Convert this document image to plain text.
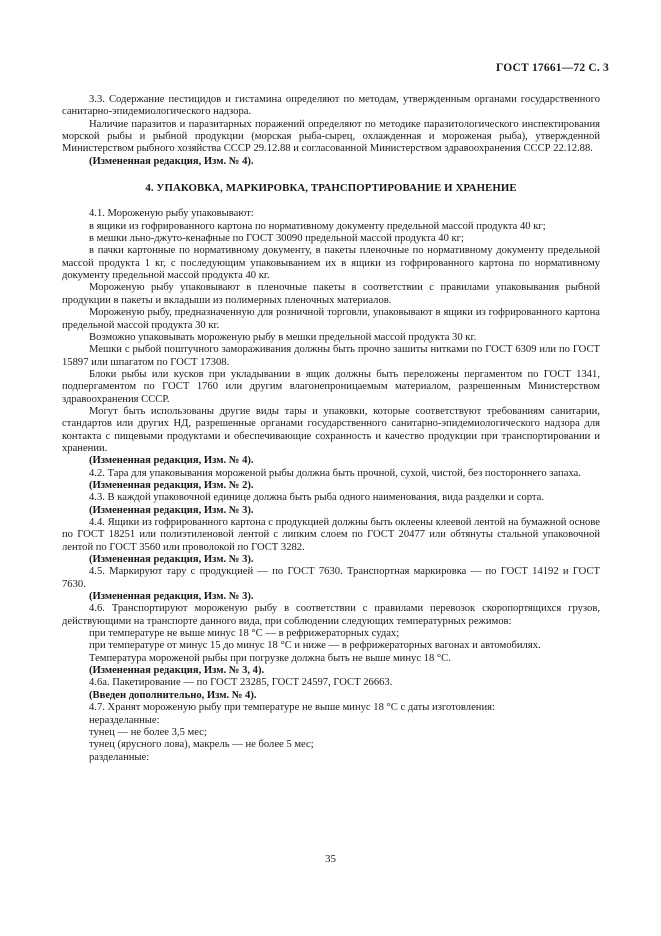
ГОСТ 17661—72 С. 3

3.3. Содержание пестицидов и гистамина определяют по методам, утвержденным органами государственного санитарно-эпидемиологического надзора.

Наличие паразитов и паразитарных поражений определяют по методике паразитологического инспектирования морской рыбы и рыбной продукции (морская рыба-сырец, охлажденная и мороженая рыба), утвержденной Министерством рыбного хозяйства СССР 29.12.88 и согласованной Министерством здравоохранения СССР 22.12.88.

(Измененная редакция, Изм. № 4).

4. УПАКОВКА, МАРКИРОВКА, ТРАНСПОРТИРОВАНИЕ И ХРАНЕНИЕ

4.1. Мороженую рыбу упаковывают:

в ящики из гофрированного картона по нормативному документу предельной массой продукта 40 кг;

в мешки льно-джуто-кенафные по ГОСТ 30090 предельной массой продукта 40 кг;

в пачки картонные по нормативному документу, в пакеты пленочные по нормативному документу предельной массой продукта 1 кг, с последующим упаковыванием их в ящики из гофрированного картона по нормативному документу предельной массой продукта 40 кг.

Мороженую рыбу упаковывают в пленочные пакеты в соответствии с правилами упаковывания рыбной продукции в пакеты и вкладыши из полимерных пленочных материалов.

Мороженую рыбу, предназначенную для розничной торговли, упаковывают в ящики из гофрированного картона предельной массой продукта 30 кг.

Возможно упаковывать мороженую рыбу в мешки предельной массой продукта 30 кг.

Мешки с рыбой поштучного замораживания должны быть прочно зашиты нитками по ГОСТ 6309 или по ГОСТ 15897 или шпагатом по ГОСТ 17308.

Блоки рыбы или кусков при укладывании в ящик должны быть переложены пергаментом по ГОСТ 1341, подпергаментом по ГОСТ 1760 или другим влагонепроницаемым материалом, разрешенным Министерством здравоохранения СССР.

Могут быть использованы другие виды тары и упаковки, которые соответствуют требованиям санитарии, стандартов или других НД, разрешенные органами государственного санитарно-эпидемиологического надзора для контакта с пищевыми продуктами и обеспечивающие сохранность и качество продукции при транспортировании и хранении.

(Измененная редакция, Изм. № 4).

4.2. Тара для упаковывания мороженой рыбы должна быть прочной, сухой, чистой, без постороннего запаха.

(Измененная редакция, Изм. № 2).

4.3. В каждой упаковочной единице должна быть рыба одного наименования, вида разделки и сорта.

(Измененная редакция, Изм. № 3).

4.4. Ящики из гофрированного картона с продукцией должны быть оклеены клеевой лентой на бумажной основе по ГОСТ 18251 или полиэтиленовой лентой с липким слоем по ГОСТ 20477 или обтянуты стальной упаковочной лентой по ГОСТ 3560 или проволокой по ГОСТ 3282.

(Измененная редакция, Изм. № 3).

4.5. Маркируют тару с продукцией — по ГОСТ 7630. Транспортная маркировка — по ГОСТ 14192 и ГОСТ 7630.

(Измененная редакция, Изм. № 3).

4.6. Транспортируют мороженую рыбу в соответствии с правилами перевозок скоропортящихся грузов, действующими на транспорте данного вида, при соблюдении следующих температурных режимов:

при температуре не выше минус 18 °С — в рефрижераторных судах;

при температуре от минус 15 до минус 18 °С и ниже — в рефрижераторных вагонах и автомобилях.

Температура мороженой рыбы при погрузке должна быть не выше минус 18 °С.

(Измененная редакция, Изм. № 3, 4).

4.6а. Пакетирование — по ГОСТ 23285, ГОСТ 24597, ГОСТ 26663.

(Введен дополнительно, Изм. № 4).

4.7. Хранят мороженую рыбу при температуре не выше минус 18 °С с даты изготовления:

неразделанные:

тунец — не более 3,5 мес;

тунец (ярусного лова), макрель — не более 5 мес;

разделанные:

35
